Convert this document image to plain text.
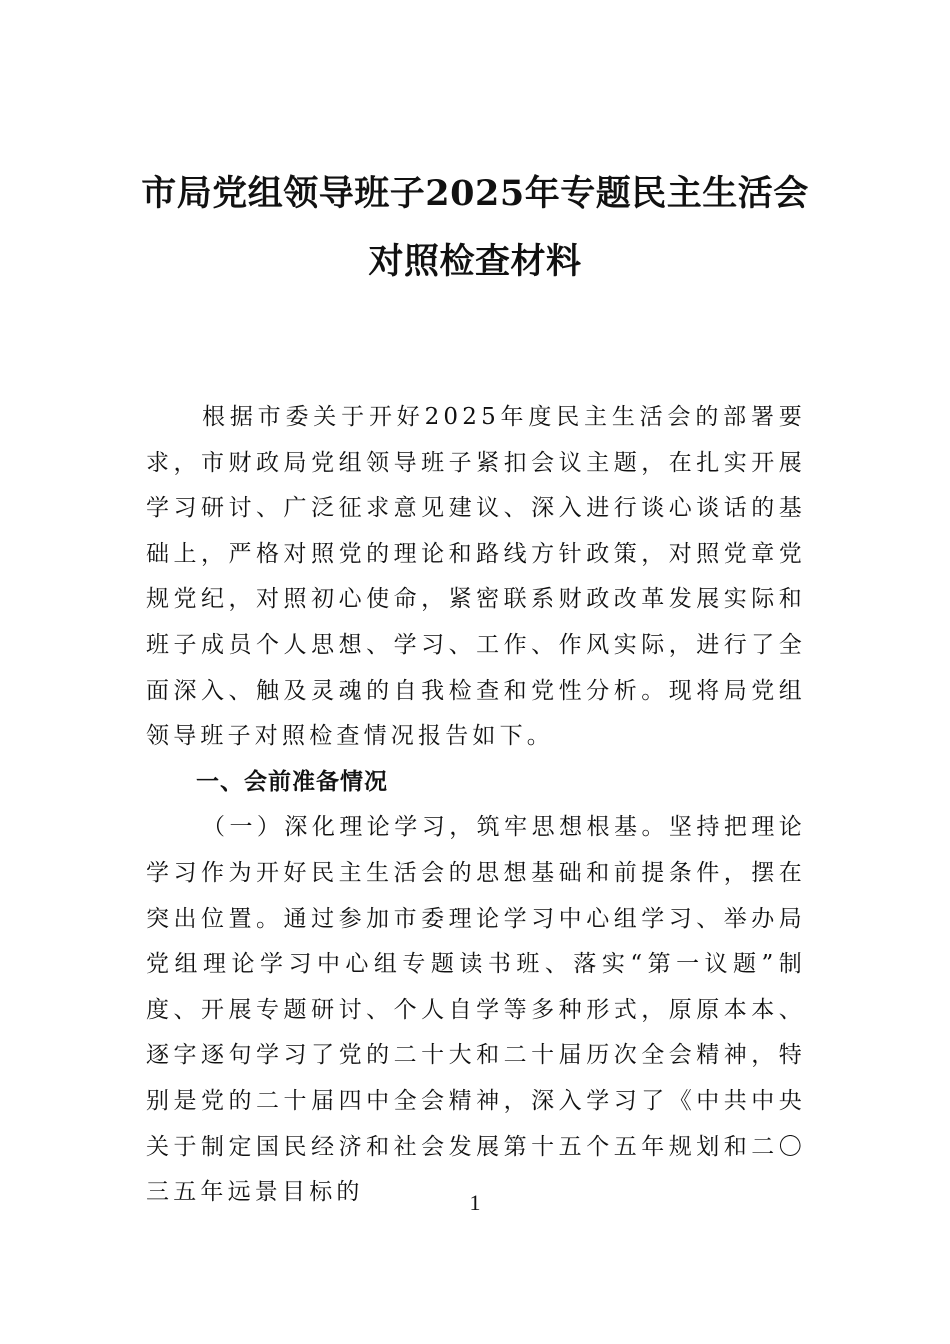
市局党组领导班子2025年专题民主生活会
对照检查材料

根据市委关于开好2025年度民主生活会的部署要求，市财政局党组领导班子紧扣会议主题，在扎实开展学习研讨、广泛征求意见建议、深入进行谈心谈话的基础上，严格对照党的理论和路线方针政策，对照党章党规党纪，对照初心使命，紧密联系财政改革发展实际和班子成员个人思想、学习、工作、作风实际，进行了全面深入、触及灵魂的自我检查和党性分析。现将局党组领导班子对照检查情况报告如下。

一、会前准备情况

（一）深化理论学习，筑牢思想根基。坚持把理论学习作为开好民主生活会的思想基础和前提条件，摆在突出位置。通过参加市委理论学习中心组学习、举办局党组理论学习中心组专题读书班、落实“第一议题”制度、开展专题研讨、个人自学等多种形式，原原本本、逐字逐句学习了党的二十大和二十届历次全会精神，特别是党的二十届四中全会精神，深入学习了《中共中央关于制定国民经济和社会发展第十五个五年规划和二〇三五年远景目标的	1
